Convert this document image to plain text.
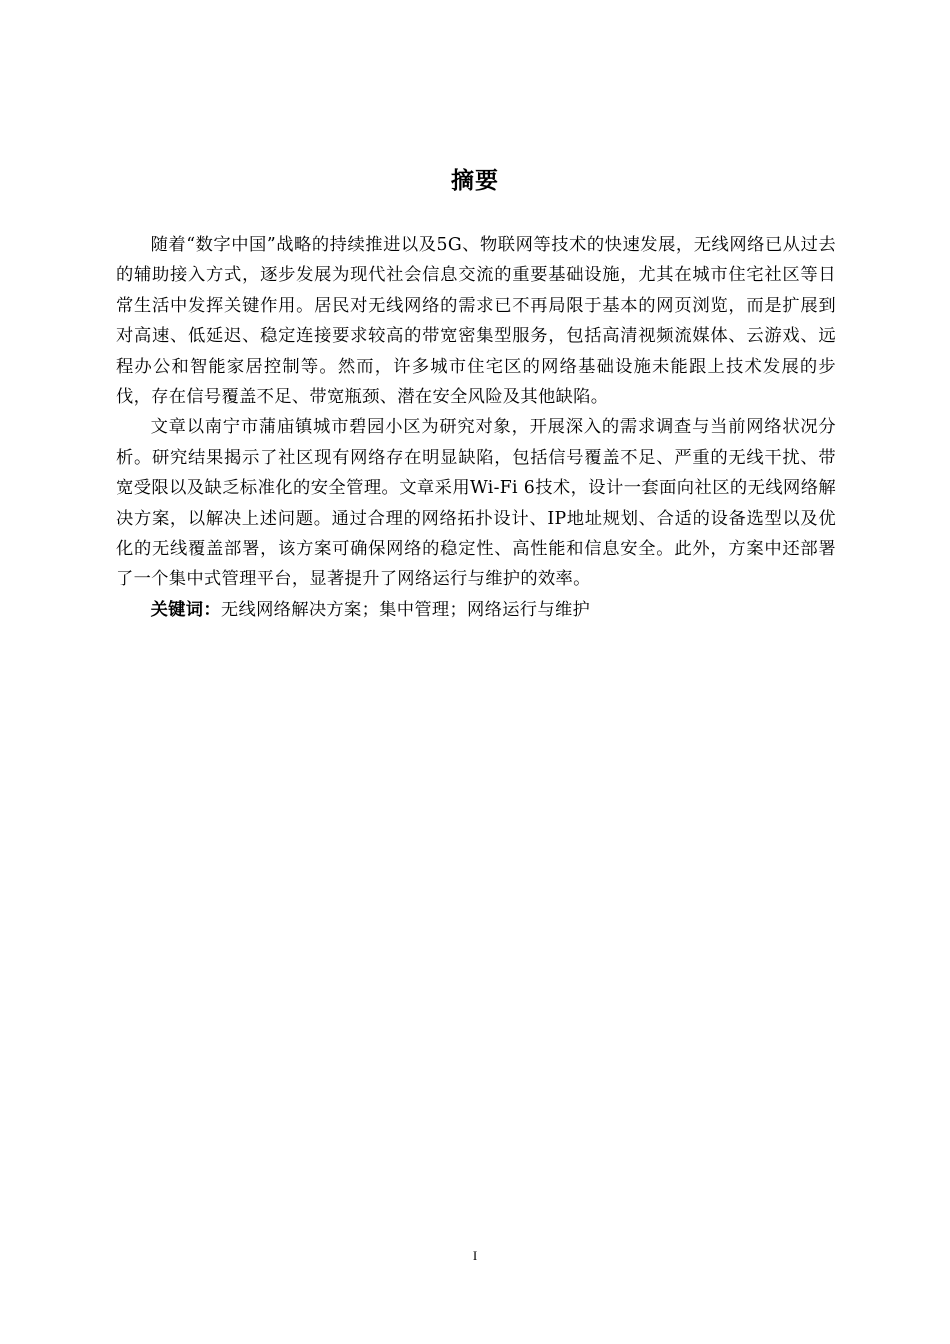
摘要

随着“数字中国”战略的持续推进以及5G、物联网等技术的快速发展，无线网络已从过去的辅助接入方式，逐步发展为现代社会信息交流的重要基础设施，尤其在城市住宅社区等日常生活中发挥关键作用。居民对无线网络的需求已不再局限于基本的网页浏览，而是扩展到对高速、低延迟、稳定连接要求较高的带宽密集型服务，包括高清视频流媒体、云游戏、远程办公和智能家居控制等。然而，许多城市住宅区的网络基础设施未能跟上技术发展的步伐，存在信号覆盖不足、带宽瓶颈、潜在安全风险及其他缺陷。

文章以南宁市蒲庙镇城市碧园小区为研究对象，开展深入的需求调查与当前网络状况分析。研究结果揭示了社区现有网络存在明显缺陷，包括信号覆盖不足、严重的无线干扰、带宽受限以及缺乏标准化的安全管理。文章采用Wi-Fi 6技术，设计一套面向社区的无线网络解决方案，以解决上述问题。通过合理的网络拓扑设计、IP地址规划、合适的设备选型以及优化的无线覆盖部署，该方案可确保网络的稳定性、高性能和信息安全。此外，方案中还部署了一个集中式管理平台，显著提升了网络运行与维护的效率。

关键词：无线网络解决方案；集中管理；网络运行与维护

I
